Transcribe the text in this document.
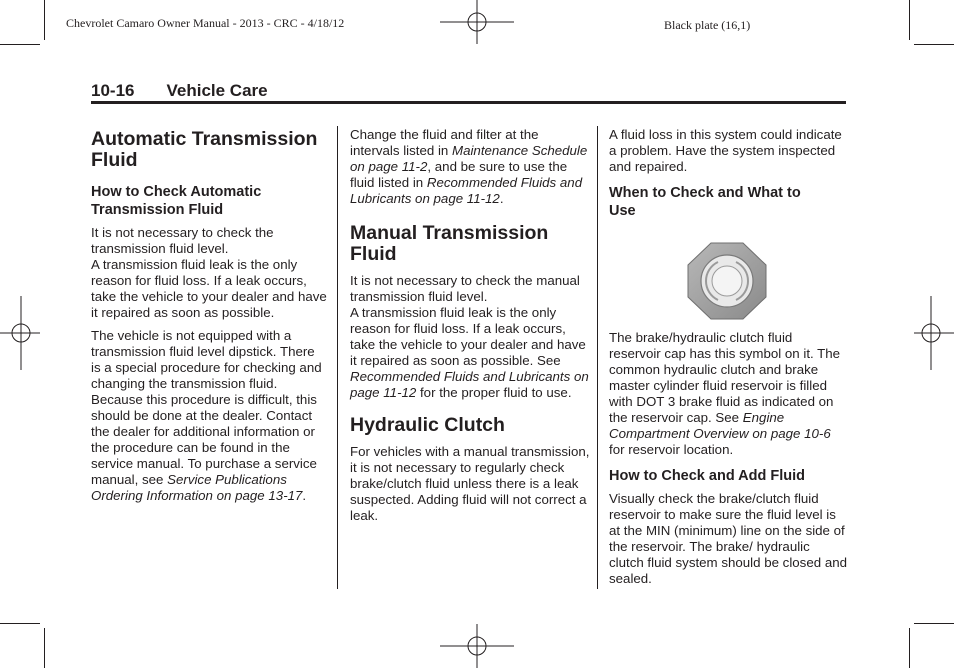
Chevrolet Camaro Owner Manual - 2013 - CRC - 4/18/12	Black plate (16,1)
10-16 Vehicle Care
Automatic Transmission Fluid
How to Check Automatic Transmission Fluid

It is not necessary to check the transmission fluid level.

A transmission fluid leak is the only reason for fluid loss. If a leak occurs, take the vehicle to your dealer and have it repaired as soon as possible.

The vehicle is not equipped with a transmission fluid level dipstick. There is a special procedure for checking and changing the transmission fluid. Because this procedure is difficult, this should be done at the dealer. Contact the dealer for additional information or the procedure can be found in the service manual. To purchase a service manual, see Service Publications Ordering Information on page 13-17.

Change the fluid and filter at the intervals listed in Maintenance Schedule on page 11-2, and be sure to use the fluid listed in Recommended Fluids and Lubricants on page 11-12.

Manual Transmission Fluid

It is not necessary to check the manual transmission fluid level.

A transmission fluid leak is the only reason for fluid loss. If a leak occurs, take the vehicle to your dealer and have it repaired as soon as possible. See Recommended Fluids and Lubricants on page 11-12 for the proper fluid to use.

Hydraulic Clutch

For vehicles with a manual transmission, it is not necessary to regularly check brake/clutch fluid unless there is a leak suspected. Adding fluid will not correct a leak.

A fluid loss in this system could indicate a problem. Have the system inspected and repaired.

When to Check and What to Use

The brake/hydraulic clutch fluid reservoir cap has this symbol on it. The common hydraulic clutch and brake master cylinder fluid reservoir is filled with DOT 3 brake fluid as indicated on the reservoir cap. See Engine Compartment Overview on page 10-6 for reservoir location.

How to Check and Add Fluid

Visually check the brake/clutch fluid reservoir to make sure the fluid level is at the MIN (minimum) line on the side of the reservoir. The brake/ hydraulic clutch fluid system should be closed and sealed.
